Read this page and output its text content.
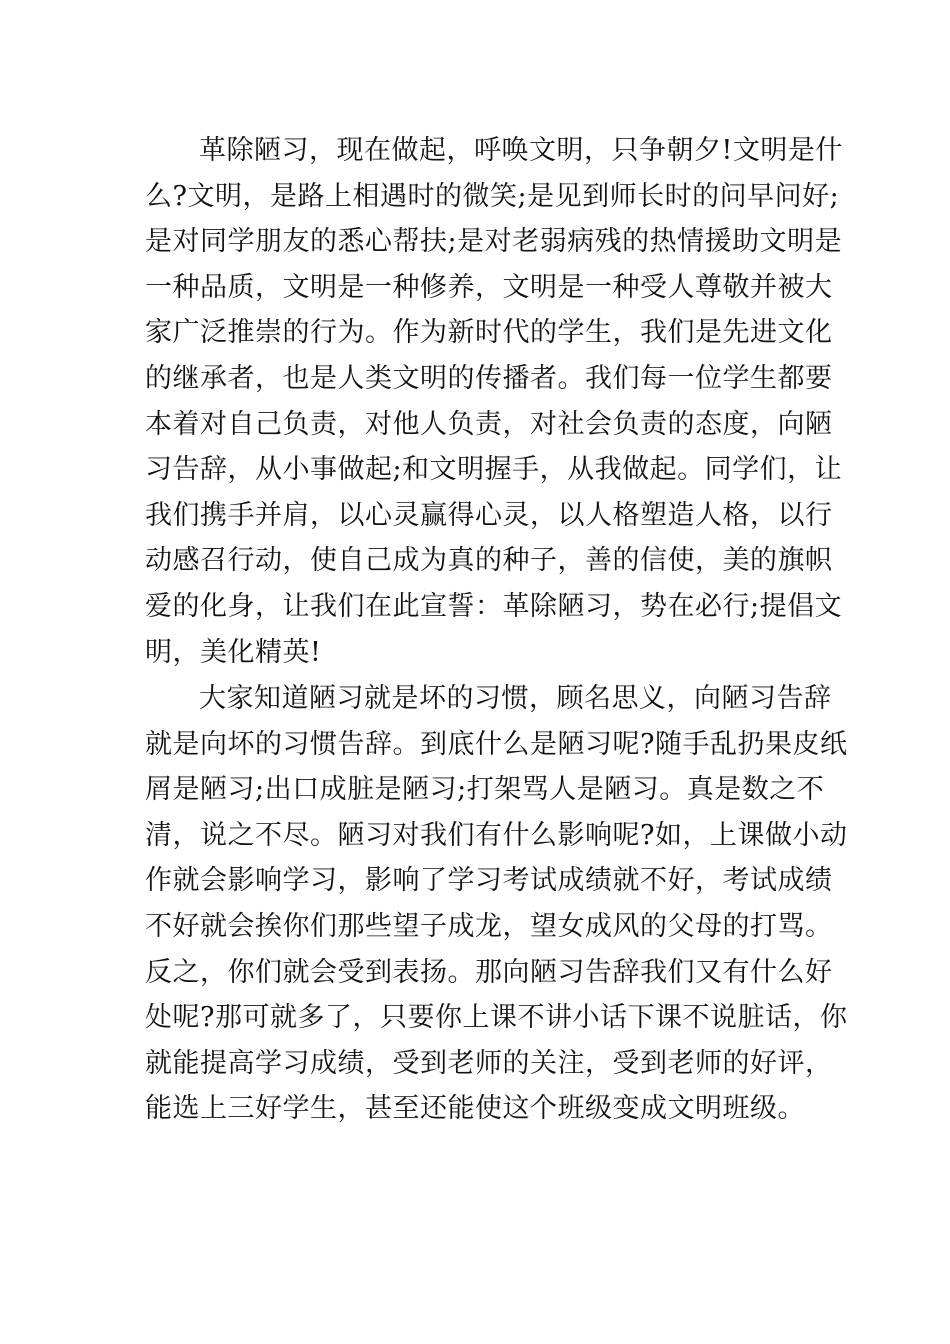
革除陋习，现在做起，呼唤文明，只争朝夕!文明是什
么?文明，是路上相遇时的微笑;是见到师长时的问早问好;
是对同学朋友的悉心帮扶;是对老弱病残的热情援助文明是
一种品质，文明是一种修养，文明是一种受人尊敬并被大
家广泛推崇的行为。作为新时代的学生，我们是先进文化
的继承者，也是人类文明的传播者。我们每一位学生都要
本着对自己负责，对他人负责，对社会负责的态度，向陋
习告辞，从小事做起;和文明握手，从我做起。同学们，让
我们携手并肩，以心灵赢得心灵，以人格塑造人格，以行
动感召行动，使自己成为真的种子，善的信使，美的旗帜
爱的化身，让我们在此宣誓：革除陋习，势在必行;提倡文
明，美化精英!
大家知道陋习就是坏的习惯，顾名思义，向陋习告辞
就是向坏的习惯告辞。到底什么是陋习呢?随手乱扔果皮纸
屑是陋习;出口成脏是陋习;打架骂人是陋习。真是数之不
清，说之不尽。陋习对我们有什么影响呢?如，上课做小动
作就会影响学习，影响了学习考试成绩就不好，考试成绩
不好就会挨你们那些望子成龙，望女成风的父母的打骂。
反之，你们就会受到表扬。那向陋习告辞我们又有什么好
处呢?那可就多了，只要你上课不讲小话下课不说脏话，你
就能提高学习成绩，受到老师的关注，受到老师的好评，
能选上三好学生，甚至还能使这个班级变成文明班级。
